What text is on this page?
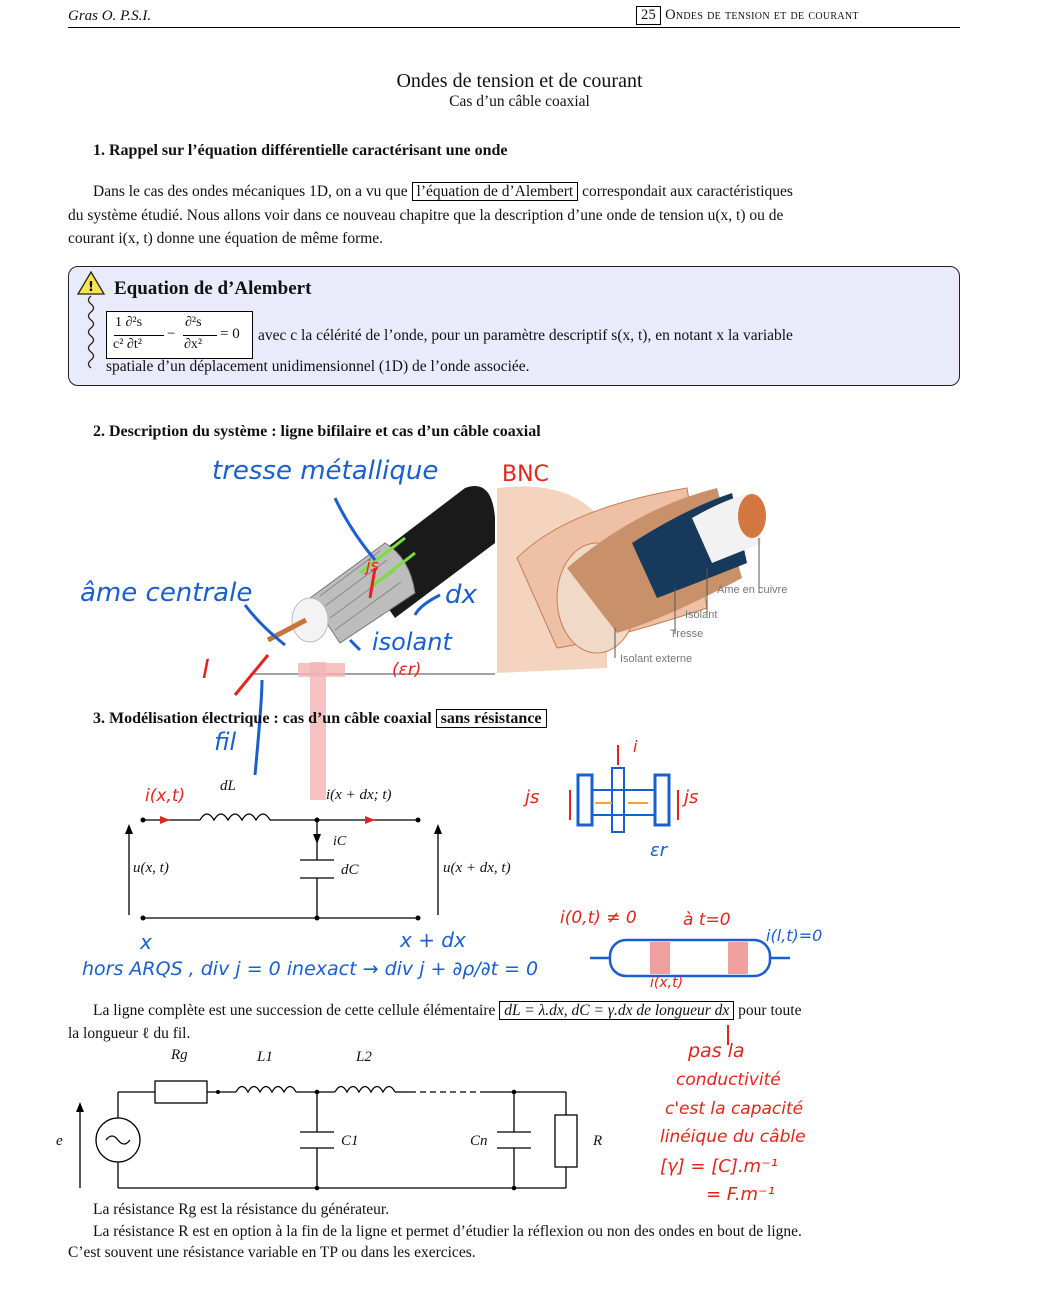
Gras O. P.S.I.	25 Ondes de tension et de courant
Ondes de tension et de courant
Cas d’un câble coaxial
1. Rappel sur l’équation différentielle caractérisant une onde
Dans le cas des ondes mécaniques 1D, on a vu que l’équation de d’Alembert correspondait aux caractéristiques
du système étudié. Nous allons voir dans ce nouveau chapitre que la description d’une onde de tension u(x, t) ou de
courant i(x, t) donne une équation de même forme.
! Equation de d’Alembert
1 ∂²s
c² ∂t²
−
∂²s
∂x²
= 0 avec c la célérité de l’onde, pour un paramètre descriptif s(x, t), en notant x la variable
spatiale d’un déplacement unidimensionnel (1D) de l’onde associée.
2. Description du système : ligne bifilaire et cas d’un câble coaxial
Ame en cuivre
Isolant
Tresse
Isolant externe
tresse métallique	BNC
âme centrale	dx
js
isolant
(εr)
I
fil
3. Modélisation électrique : cas d’un câble coaxial sans résistance
dL
i(x + dx; t)
iC
dC
u(x, t)	u(x + dx, t)
i(x,t)
x	x + dx
hors ARQS , div j = 0 inexact → div j + ∂ρ/∂t = 0
i
js	js
εr
i(0,t) ≠ 0	à t=0
i(l,t)=0
i(x,t)
La ligne complète est une succession de cette cellule élémentaire dL = λ.dx, dC = γ.dx de longueur dx pour toute
la longueur ℓ du fil.
Rg	L1	L2
e	C1	Cn	R
pas la
conductivité
c'est la capacité
linéique du câble
[γ] = [C].m⁻¹
= F.m⁻¹
La résistance Rg est la résistance du générateur.
La résistance R est en option à la fin de la ligne et permet d’étudier la réflexion ou non des ondes en bout de ligne.
C’est souvent une résistance variable en TP ou dans les exercices.
